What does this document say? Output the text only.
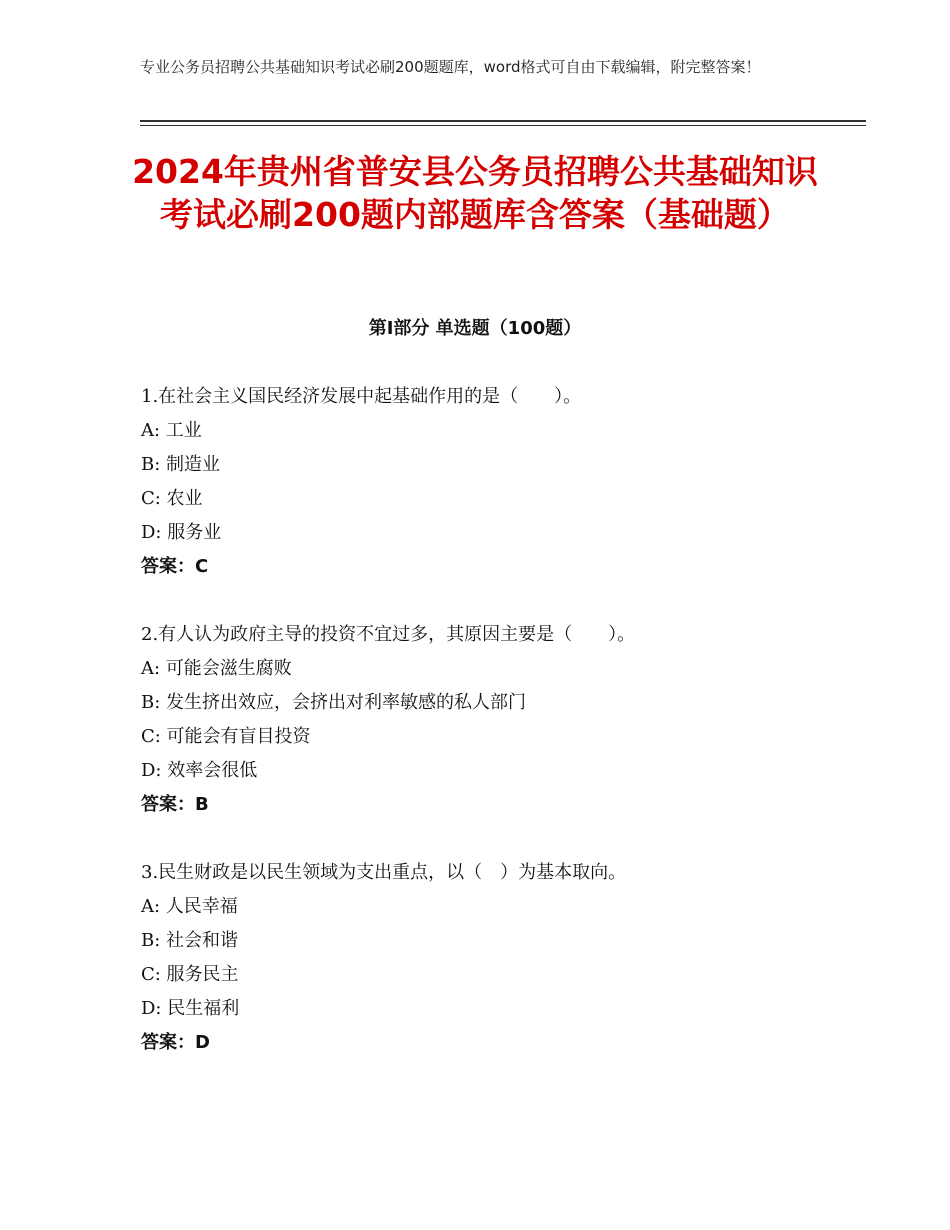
专业公务员招聘公共基础知识考试必刷200题题库，word格式可自由下载编辑，附完整答案！
2024年贵州省普安县公务员招聘公共基础知识考试必刷200题内部题库含答案（基础题）
第Ⅰ部分 单选题（100题）
1.在社会主义国民经济发展中起基础作用的是（　　）。
A: 工业
B: 制造业
C: 农业
D: 服务业
答案：C
2.有人认为政府主导的投资不宜过多，其原因主要是（　　）。
A: 可能会滋生腐败
B: 发生挤出效应，会挤出对利率敏感的私人部门
C: 可能会有盲目投资
D: 效率会很低
答案：B
3.民生财政是以民生领域为支出重点，以（　）为基本取向。
A: 人民幸福
B: 社会和谐
C: 服务民主
D: 民生福利
答案：D
